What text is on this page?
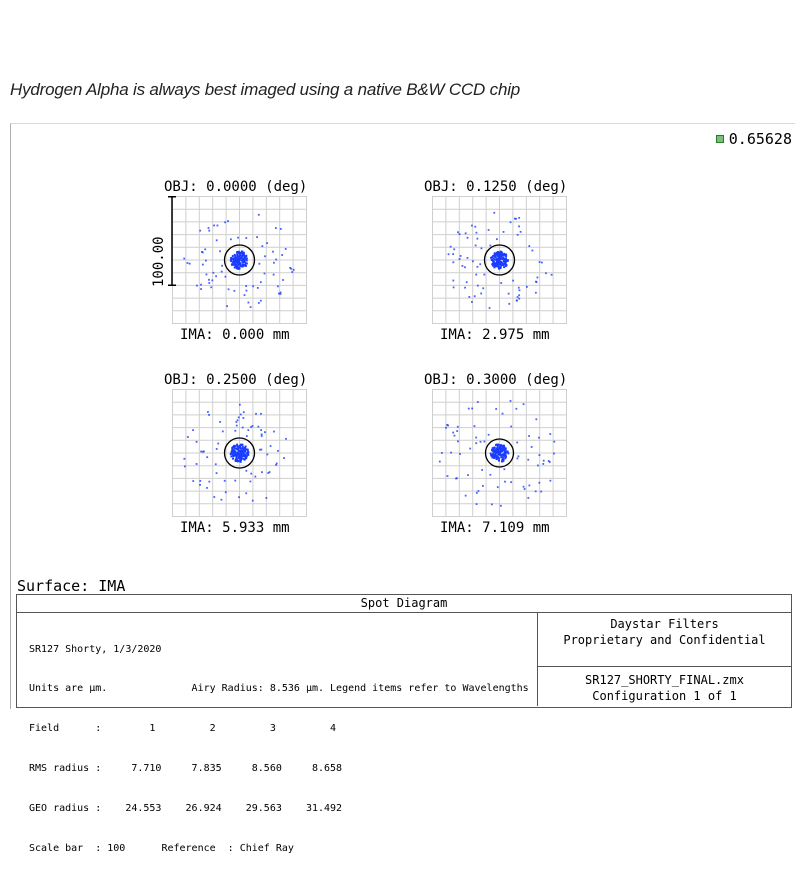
Hydrogen Alpha is always best imaged using a native B&W CCD chip
0.65628
OBJ: 0.0000 (deg)
IMA: 0.000 mm
OBJ: 0.1250 (deg)
IMA: 2.975 mm
OBJ: 0.2500 (deg)
IMA: 5.933 mm
OBJ: 0.3000 (deg)
IMA: 7.109 mm
100.00
Surface: IMA
Spot Diagram

SR127 Shorty, 1/3/2020

Units are µm.              Airy Radius: 8.536 µm. Legend items refer to Wavelengths

Field      :        1         2         3         4

RMS radius :     7.710     7.835     8.560     8.658

GEO radius :    24.553    26.924    29.563    31.492

Scale bar  : 100      Reference  : Chief Ray

Daystar Filters
Proprietary and Confidential
SR127_SHORTY_FINAL.zmx
Configuration 1 of 1
